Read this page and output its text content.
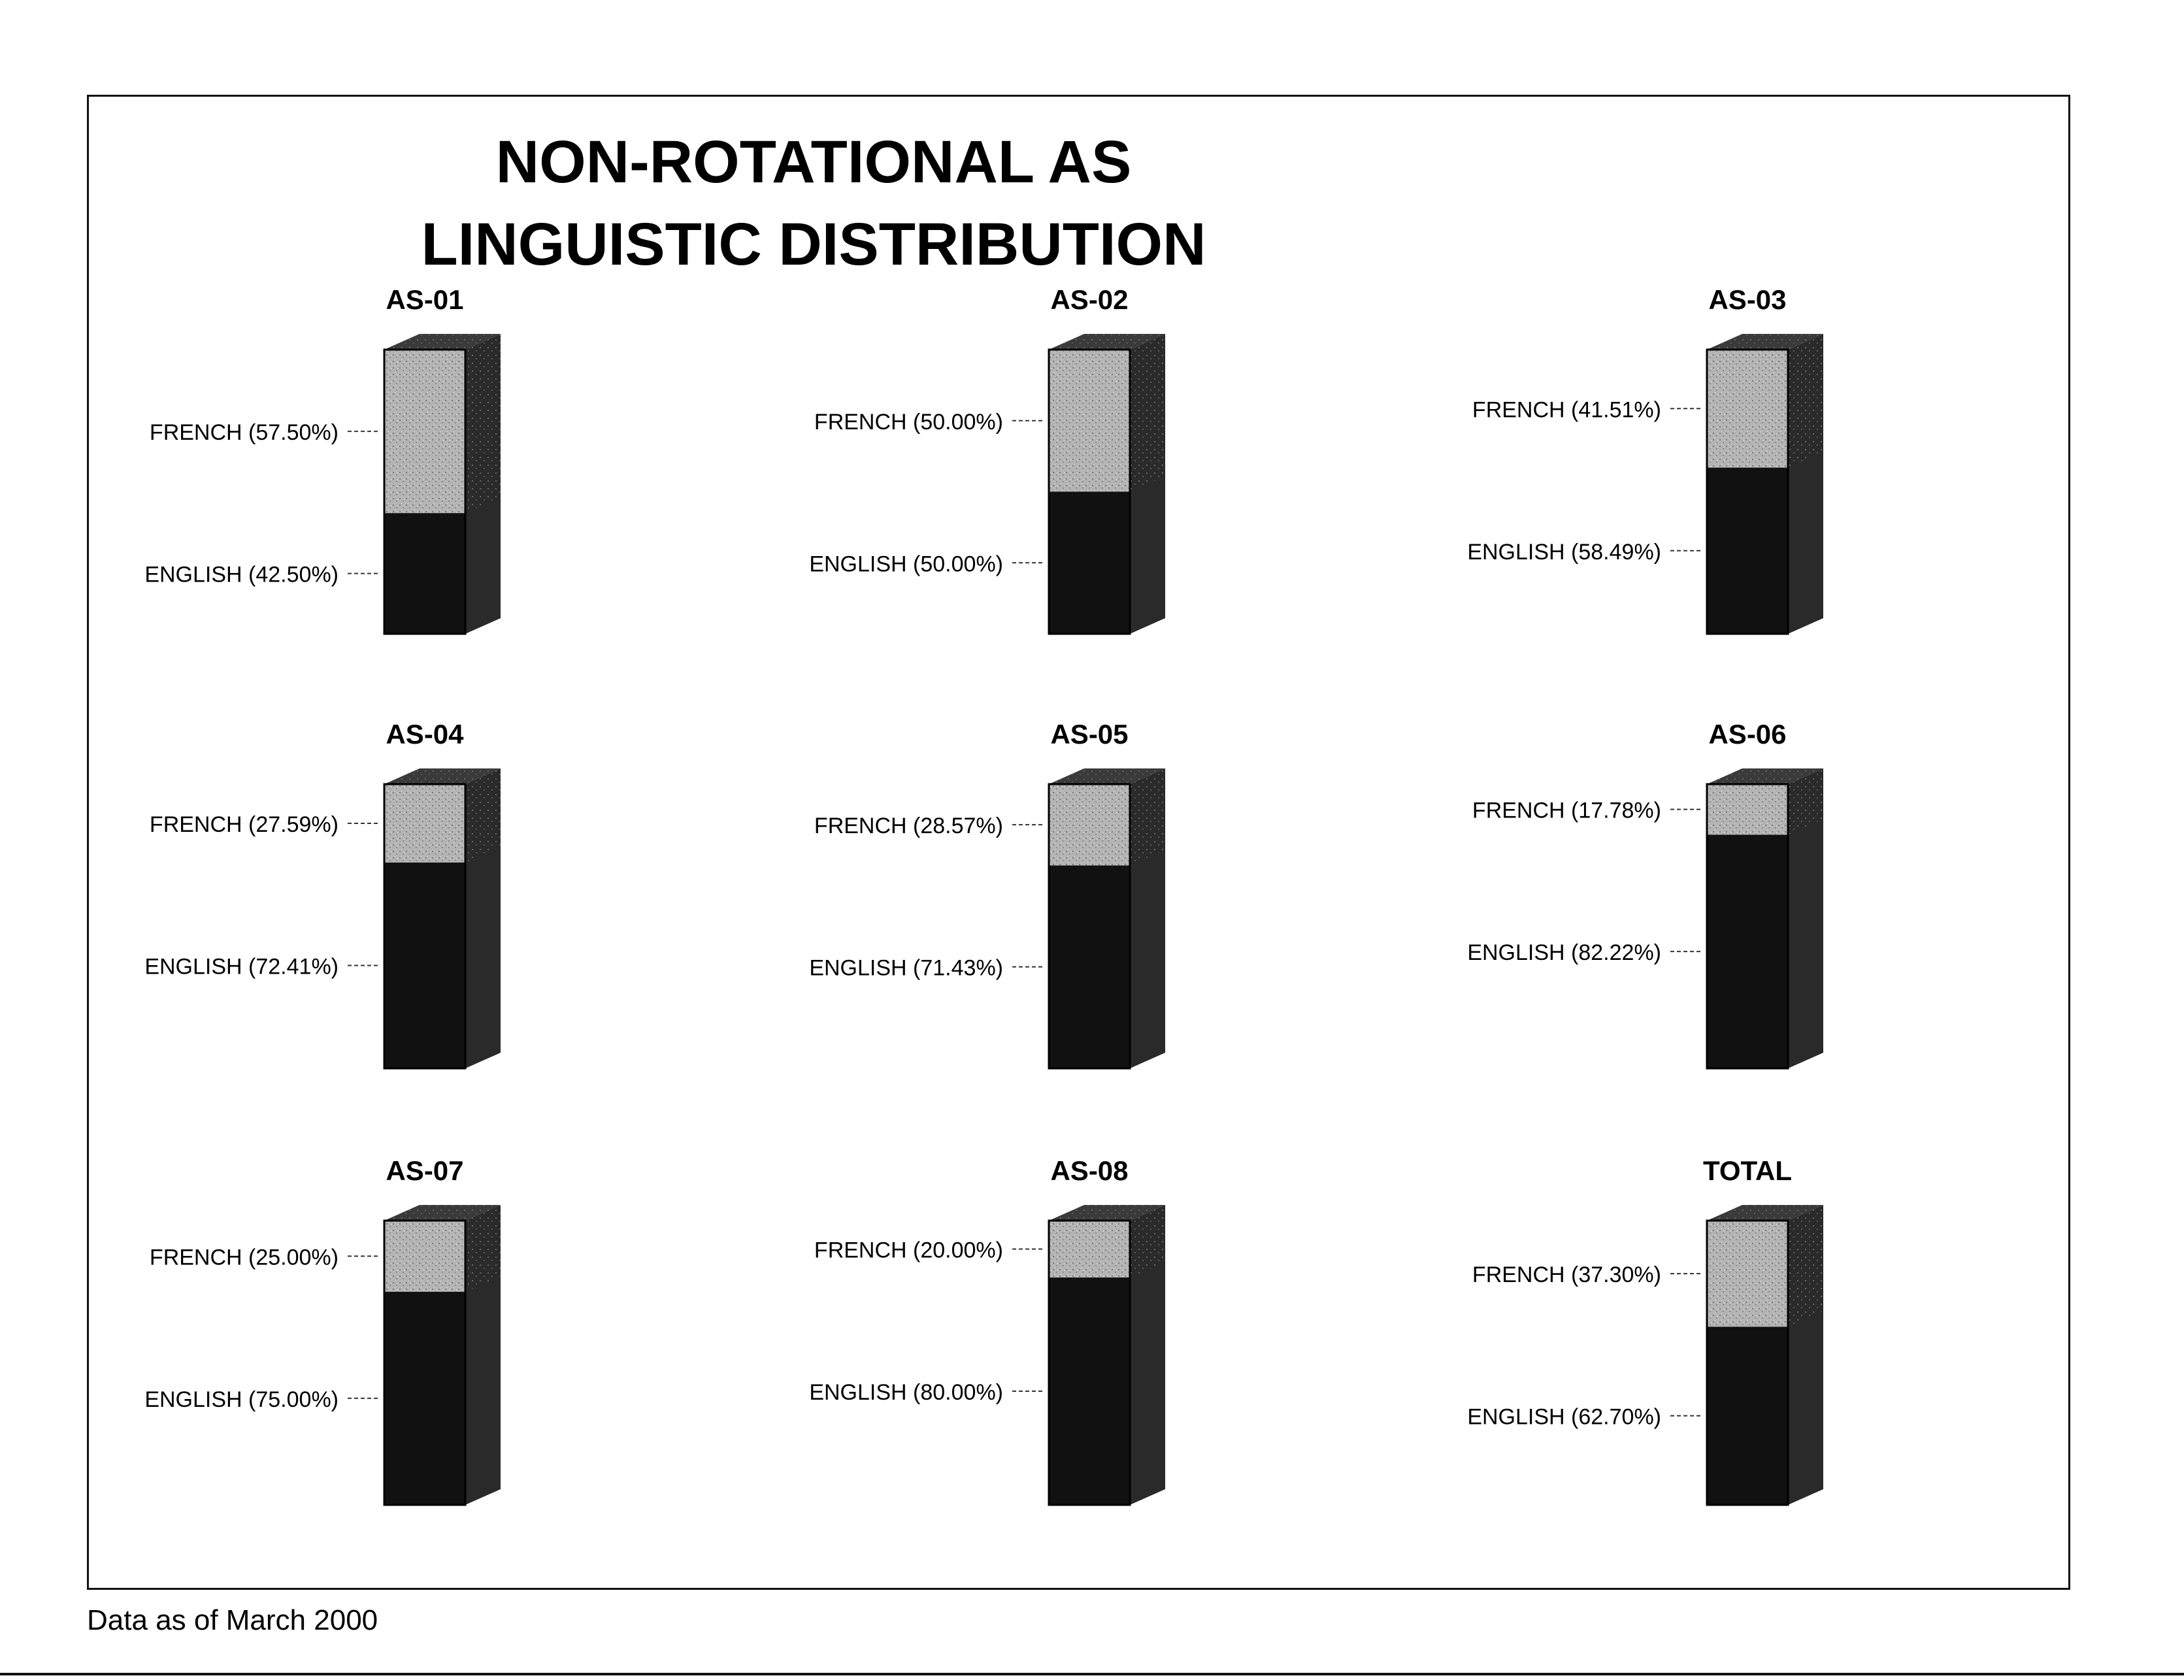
NON-ROTATIONAL AS
LINGUISTIC DISTRIBUTION
AS-01
FRENCH (57.50%)
ENGLISH (42.50%)
AS-02
FRENCH (50.00%)
ENGLISH (50.00%)
AS-03
FRENCH (41.51%)
ENGLISH (58.49%)
AS-04
FRENCH (27.59%)
ENGLISH (72.41%)
AS-05
FRENCH (28.57%)
ENGLISH (71.43%)
AS-06
FRENCH (17.78%)
ENGLISH (82.22%)
AS-07
FRENCH (25.00%)
ENGLISH (75.00%)
AS-08
FRENCH (20.00%)
ENGLISH (80.00%)
TOTAL
FRENCH (37.30%)
ENGLISH (62.70%)
Data as of March 2000
